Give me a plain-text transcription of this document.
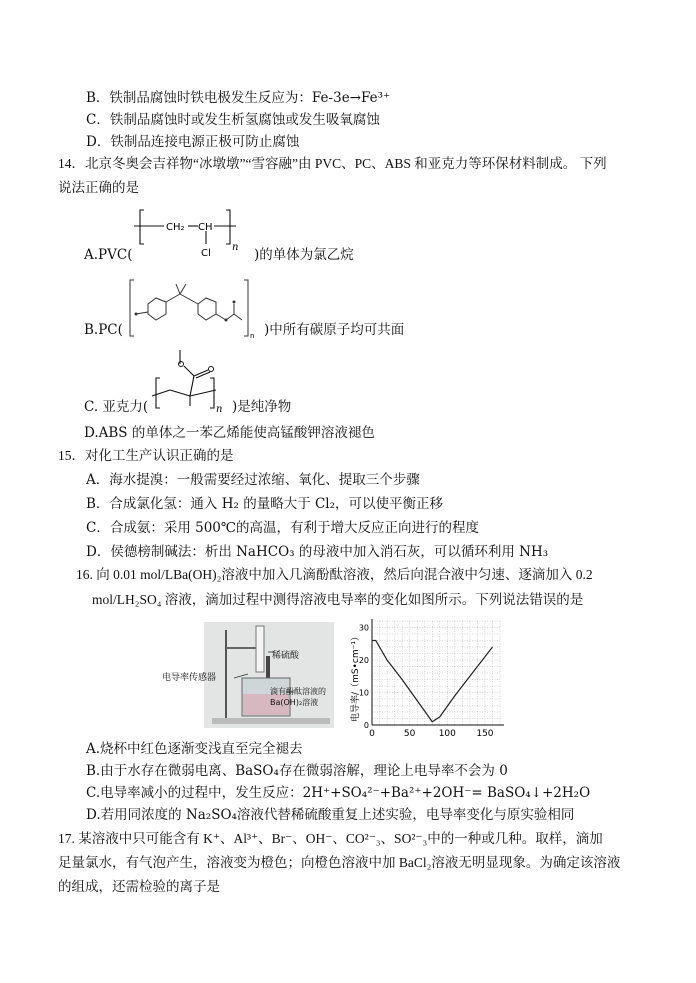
B．铁制品腐蚀时铁电极发生反应为：Fe-3e→Fe³⁺
C．铁制品腐蚀时或发生析氢腐蚀或发生吸氧腐蚀
D．铁制品连接电源正极可防止腐蚀
14．北京冬奥会吉祥物“冰墩墩”“雪容融”由 PVC、PC、ABS 和亚克力等环保材料制成。 下列
说法正确的是
A.PVC(
CH₂ CH
Cl
n )的单体为氯乙烷
B.PC(	n )中所有碳原子均可共面
C. 亚克力(	n )是纯净物
D.ABS 的单体之一苯乙烯能使高锰酸钾溶液褪色
15．对化工生产认识正确的是
A．海水提溴：一般需要经过浓缩、氧化、提取三个步骤
B．合成氯化氢：通入 H₂ 的量略大于 Cl₂，可以使平衡正移
C．合成氨：采用 500℃的高温，有利于增大反应正向进行的程度
D．侯德榜制碱法：析出 NaHCO₃ 的母液中加入消石灰，可以循环利用 NH₃
16. 向 0.01 mol/LBa(OH)₂溶液中加入几滴酚酞溶液，然后向混合液中匀速、逐滴加入 0.2
mol/LH₂SO₄ 溶液，滴加过程中测得溶液电导率的变化如图所示。下列说法错误的是
稀硫酸
电导率传感器
滴有酚酞溶液的
Ba(OH)₂溶液
0	50	100 150
0
10
20
30
电导率/（mS•cm⁻¹）
A.烧杯中红色逐渐变浅直至完全褪去
B.由于水存在微弱电离、BaSO₄存在微弱溶解，理论上电导率不会为 0
C.电导率减小的过程中，发生反应：2H⁺+SO₄²⁻+Ba²⁺+2OH⁻= BaSO₄↓+2H₂O
D.若用同浓度的 Na₂SO₄溶液代替稀硫酸重复上述实验，电导率变化与原实验相同
17. 某溶液中只可能含有 K⁺、Al³⁺、Br⁻、OH⁻、CO²⁻₃、SO²⁻₃中的一种或几种。取样，滴加
足量氯水，有气泡产生，溶液变为橙色；向橙色溶液中加 BaCl₂溶液无明显现象。为确定该溶液
的组成，还需检验的离子是
